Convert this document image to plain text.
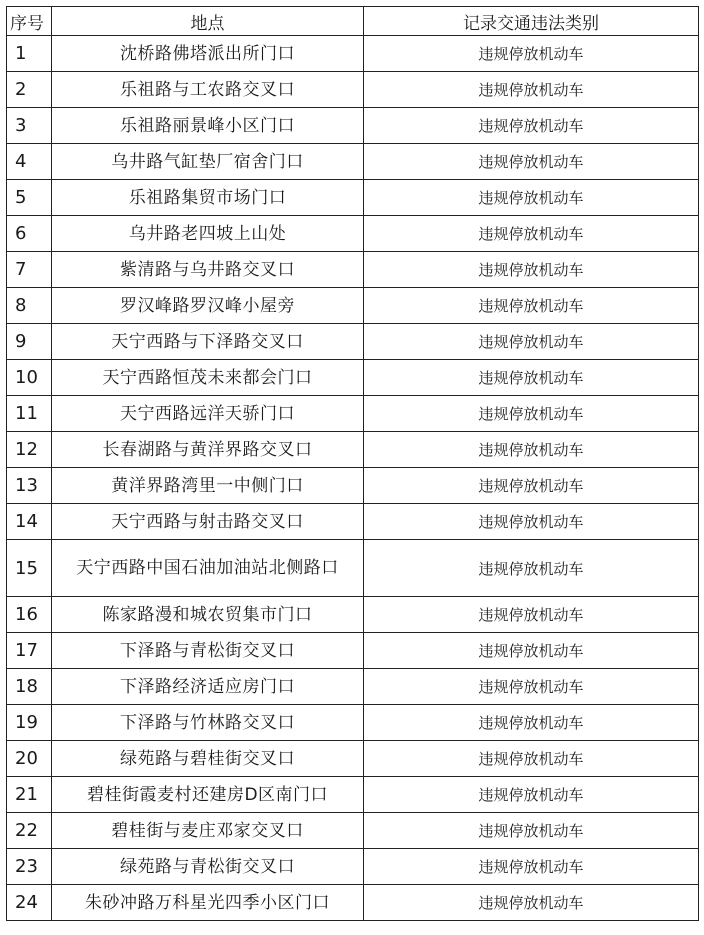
序号	地点	记录交通违法类别
1	沈桥路佛塔派出所门口	违规停放机动车
2	乐祖路与工农路交叉口	违规停放机动车
3	乐祖路丽景峰小区门口	违规停放机动车
4	乌井路气缸垫厂宿舍门口	违规停放机动车
5	乐祖路集贸市场门口	违规停放机动车
6	乌井路老四坡上山处	违规停放机动车
7	紫清路与乌井路交叉口	违规停放机动车
8	罗汉峰路罗汉峰小屋旁	违规停放机动车
9	天宁西路与下泽路交叉口	违规停放机动车
10	天宁西路恒茂未来都会门口	违规停放机动车
11	天宁西路远洋天骄门口	违规停放机动车
12	长春湖路与黄洋界路交叉口	违规停放机动车
13	黄洋界路湾里一中侧门口	违规停放机动车
14	天宁西路与射击路交叉口	违规停放机动车
15	天宁西路中国石油加油站北侧路口	违规停放机动车
16	陈家路漫和城农贸集市门口	违规停放机动车
17	下泽路与青松街交叉口	违规停放机动车
18	下泽路经济适应房门口	违规停放机动车
19	下泽路与竹林路交叉口	违规停放机动车
20	绿苑路与碧桂街交叉口	违规停放机动车
21	碧桂街霞麦村还建房D区南门口	违规停放机动车
22	碧桂街与麦庄邓家交叉口	违规停放机动车
23	绿苑路与青松街交叉口	违规停放机动车
24	朱砂冲路万科星光四季小区门口	违规停放机动车
